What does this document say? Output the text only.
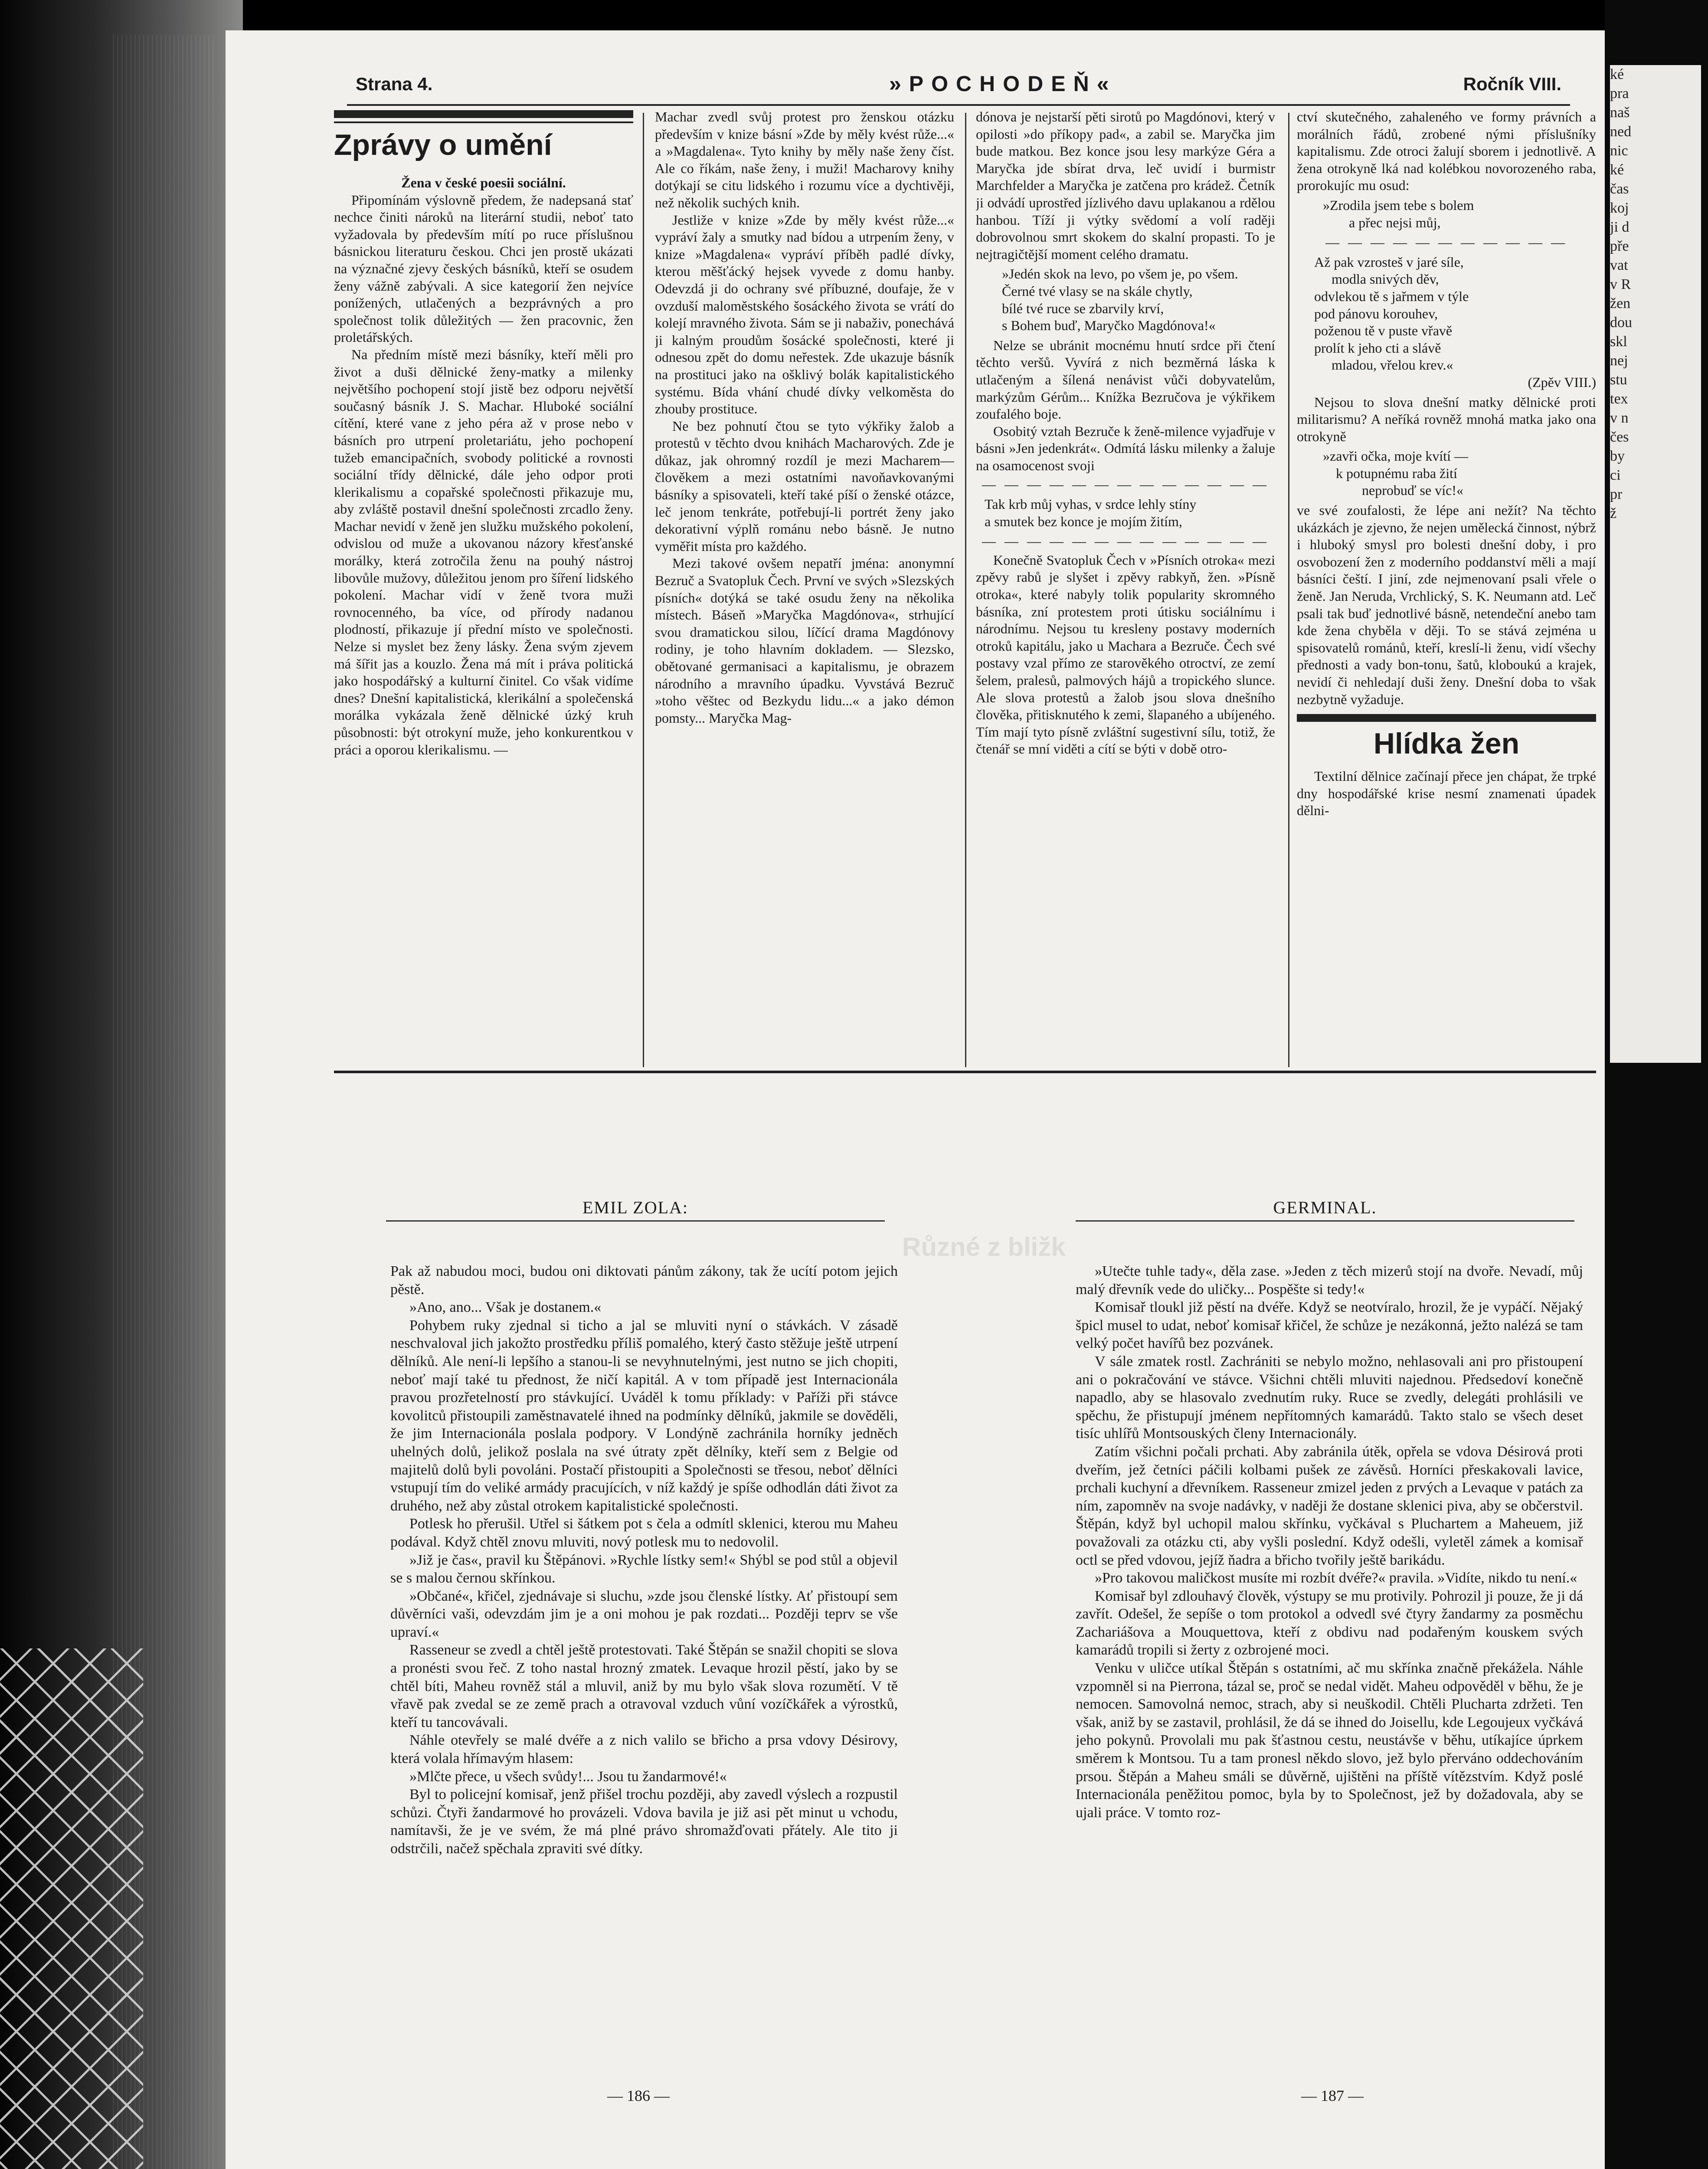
ké

pra

naš

ned

nic

ké

čas

koj

ji d

pře

vat

v R

žen

dou

skl

nej

stu

tex

v n

čes

by

ci

pr

ž

Strana 4.	»POCHODEŇ«	Ročník VIII.
Zprávy o umění

Žena v české poesii sociální.

Připomínám výslovně předem, že nadepsaná stať nechce činiti nároků na literární studii, neboť tato vyžadovala by především mítí po ruce příslušnou básnickou literaturu českou. Chci jen prostě ukázati na význačné zjevy českých básníků, kteří se osudem ženy vážně zabývali. A sice kategorií žen nejvíce ponížených, utlačených a bezprávných a pro společnost tolik důležitých — žen pracovnic, žen proletářských.

Na předním místě mezi básníky, kteří měli pro život a duši dělnické ženy-matky a milenky největšího pochopení stojí jistě bez odporu největší současný básník J. S. Machar. Hluboké sociální cítění, které vane z jeho péra až v prose nebo v básních pro utrpení proletariátu, jeho pochopení tužeb emancipačních, svobody politické a rovnosti sociální třídy dělnické, dále jeho odpor proti klerikalismu a copařské společnosti přikazuje mu, aby zvláště postavil dnešní společnosti zrcadlo ženy. Machar nevidí v ženě jen služku mužského pokolení, odvislou od muže a ukovanou názory křesťanské morálky, která zotročila ženu na pouhý nástroj libovůle mužovy, důležitou jenom pro šíření lidského pokolení. Machar vidí v ženě tvora muži rovnocenného, ba více, od přírody nadanou plodností, přikazuje jí přední místo ve společnosti. Nelze si myslet bez ženy lásky. Žena svým zjevem má šířit jas a kouzlo. Žena má mít i práva politická jako hospodářský a kulturní činitel. Co však vidíme dnes? Dnešní kapitalistická, klerikální a společenská morálka vykázala ženě dělnické úzký kruh působnosti: být otrokyní muže, jeho konkurentkou v práci a oporou klerikalismu. —

Machar zvedl svůj protest pro ženskou otázku především v knize básní »Zde by měly kvést růže...« a »Magdalena«. Tyto knihy by měly naše ženy číst. Ale co říkám, naše ženy, i muži! Macharovy knihy dotýkají se citu lidského i rozumu více a dychtivěji, než několik suchých knih.

Jestliže v knize »Zde by měly kvést růže...« vypráví žaly a smutky nad bídou a utrpením ženy, v knize »Magdalena« vypráví příběh padlé dívky, kterou měšťácký hejsek vyvede z domu hanby. Odevzdá ji do ochrany své příbuzné, doufaje, že v ovzduší maloměstského šosáckého života se vrátí do kolejí mravného života. Sám se ji nabaživ, ponechává ji kalným proudům šosácké společnosti, které ji odnesou zpět do domu neřestek. Zde ukazuje básník na prostituci jako na ošklivý bolák kapitalistického systému. Bída vhání chudé dívky velkoměsta do zhouby prostituce.

Ne bez pohnutí čtou se tyto výkřiky žalob a protestů v těchto dvou knihách Macharových. Zde je důkaz, jak ohromný rozdíl je mezi Macharem—člověkem a mezi ostatními navoňavkovanými básníky a spisovateli, kteří také píší o ženské otázce, leč jenom tenkráte, potřebují-li portrét ženy jako dekorativní výplň románu nebo básně. Je nutno vyměřit místa pro každého.

Mezi takové ovšem nepatří jména: anonymní Bezruč a Svatopluk Čech. První ve svých »Slezských písních« dotýká se také osudu ženy na několika místech. Báseň »Maryčka Magdónova«, strhující svou dramatickou silou, líčící drama Magdónovy rodiny, je toho hlavním dokladem. — Slezsko, obětované germanisaci a kapitalismu, je obrazem národního a mravního úpadku. Vyvstává Bezruč »toho věštec od Bezkydu lidu...« a jako démon pomsty... Maryčka Mag-

dónova je nejstarší pěti sirotů po Magdónovi, který v opilosti »do příkopy pad«, a zabil se. Maryčka jim bude matkou. Bez konce jsou lesy markýze Géra a Maryčka jde sbírat drva, leč uvidí i burmistr Marchfelder a Maryčka je zatčena pro krádež. Četník ji odvádí uprostřed jízlivého davu uplakanou a rdělou hanbou. Tíží ji výtky svědomí a volí raději dobrovolnou smrt skokem do skalní propasti. To je nejtragičtější moment celého dramatu.

»Jedén skok na levo, po všem je, po všem.
Černé tvé vlasy se na skále chytly,
bílé tvé ruce se zbarvily krví,
s Bohem buď, Maryčko Magdónova!«

Nelze se ubránit mocnému hnutí srdce při čtení těchto veršů. Vyvírá z nich bezměrná láska k utlačeným a šílená nenávist vůči dobyvatelům, markýzům Gérům... Knížka Bezručova je výkřikem zoufalého boje.

Osobitý vztah Bezruče k ženě-milence vyjadřuje v básni »Jen jedenkrát«. Odmítá lásku milenky a žaluje na osamocenost svoji

— — — — — — — — — — — — —
Tak krb můj vyhas, v srdce lehly stíny
a smutek bez konce je mojím žitím,
— — — — — — — — — — — — —

Konečně Svatopluk Čech v »Písních otroka« mezi zpěvy rabů je slyšet i zpěvy rabkyň, žen. »Písně otroka«, které nabyly tolik popularity skromného básníka, zní protestem proti útisku sociálnímu i národnímu. Nejsou tu kresleny postavy moderních otroků kapitálu, jako u Machara a Bezruče. Čech své postavy vzal přímo ze starověkého otroctví, ze zemí šelem, pralesů, palmových hájů a tropického slunce. Ale slova protestů a žalob jsou slova dnešního člověka, přitisknutého k zemi, šlapaného a ubíjeného. Tím mají tyto písně zvláštní sugestivní sílu, totiž, že čtenář se mní viděti a cítí se býti v době otro-

ctví skutečného, zahaleného ve formy právních a morálních řádů, zrobené nými příslušníky kapitalismu. Zde otroci žalují sborem i jednotlivě. A žena otrokyně lká nad kolébkou novorozeného raba, prorokujíc mu osud:

»Zrodila jsem tebe s bolem
a přec nejsi můj,
— — — — — — — — — — —
Až pak vzrosteš v jaré síle,
modla snivých děv,
odvlekou tě s jařmem v týle
pod pánovu korouhev,
poženou tě v puste vřavě
prolít k jeho cti a slávě
mladou, vřelou krev.«
(Zpěv VIII.)

Nejsou to slova dnešní matky dělnické proti militarismu? A neříká rovněž mnohá matka jako ona otrokyně

»zavři očka, moje kvítí —
k potupnému raba žití
neprobuď se víc!«

ve své zoufalosti, že lépe ani nežít? Na těchto ukázkách je zjevno, že nejen umělecká činnost, nýbrž i hluboký smysl pro bolesti dnešní doby, i pro osvobození žen z moderního poddanství měli a mají básníci čeští. I jiní, zde nejmenovaní psali vřele o ženě. Jan Neruda, Vrchlický, S. K. Neumann atd. Leč psali tak buď jednotlivé básně, netendeční anebo tam kde žena chyběla v ději. To se stává zejména u spisovatelů románů, kteří, kreslí-li ženu, vidí všechy přednosti a vady bon-tonu, šatů, kloboukú a krajek, nevidí či nehledají duši ženy. Dnešní doba to však nezbytně vyžaduje.

Hlídka žen

Textilní dělnice začínají přece jen chápat, že trpké dny hospodářské krise nesmí znamenati úpadek dělni-

Různé z bližk
EMIL ZOLA:	GERMINAL.

Pak až nabudou moci, budou oni diktovati pánům zákony, tak že ucítí potom jejich pěstě.

»Ano, ano... Však je dostanem.«

Pohybem ruky zjednal si ticho a jal se mluviti nyní o stávkách. V zásadě neschvaloval jich jakožto prostředku příliš pomalého, který často stěžuje ještě utrpení dělníků. Ale není-li lepšího a stanou-li se nevyhnutelnými, jest nutno se jich chopiti, neboť mají také tu přednost, že ničí kapitál. A v tom případě jest Internacionála pravou prozřetelností pro stávkující. Uváděl k tomu příklady: v Paříži při stávce kovolitců přistoupili zaměstnavatelé ihned na podmínky dělníků, jakmile se dověděli, že jim Internacionála poslala podpory. V Londýně zachránila horníky jedněch uhelných dolů, jelikož poslala na své útraty zpět dělníky, kteří sem z Belgie od majitelů dolů byli povoláni. Postačí přistoupiti a Společnosti se třesou, neboť dělníci vstupují tím do veliké armády pracujících, v níž každý je spíše odhodlán dáti život za druhého, než aby zůstal otrokem kapitalistické společnosti.

Potlesk ho přerušil. Utřel si šátkem pot s čela a odmítl sklenici, kterou mu Maheu podával. Když chtěl znovu mluviti, nový potlesk mu to nedovolil.

»Již je čas«, pravil ku Štěpánovi. »Rychle lístky sem!« Shýbl se pod stůl a objevil se s malou černou skřínkou.

»Občané«, křičel, zjednávaje si sluchu, »zde jsou členské lístky. Ať přistoupí sem důvěrníci vaši, odevzdám jim je a oni mohou je pak rozdati... Později teprv se vše upraví.«

Rasseneur se zvedl a chtěl ještě protestovati. Také Štěpán se snažil chopiti se slova a pronésti svou řeč. Z toho nastal hrozný zmatek. Levaque hrozil pěstí, jako by se chtěl bíti, Maheu rovněž stál a mluvil, aniž by mu bylo však slova rozumětí. V tě vřavě pak zvedal se ze země prach a otravoval vzduch vůní vozíčkářek a výrostků, kteří tu tancovávali.

Náhle otevřely se malé dvéře a z nich valilo se břicho a prsa vdovy Désirovy, která volala hřímavým hlasem:

»Mlčte přece, u všech svůdy!... Jsou tu žandarmové!«

Byl to policejní komisař, jenž přišel trochu později, aby zavedl výslech a rozpustil schůzi. Čtyři žandarmové ho provázeli. Vdova bavila je již asi pět minut u vchodu, namítavši, že je ve svém, že má plné právo shromažďovati přátely. Ale tito ji odstrčili, načež spěchala zpraviti své dítky.

»Utečte tuhle tady«, děla zase. »Jeden z těch mizerů stojí na dvoře. Nevadí, můj malý dřevník vede do uličky... Pospěšte si tedy!«

Komisař tloukl již pěstí na dvéře. Když se neotvíralo, hrozil, že je vypáčí. Nějaký špicl musel to udat, neboť komisař křičel, že schůze je nezákonná, ježto nalézá se tam velký počet havířů bez pozvánek.

V sále zmatek rostl. Zachrániti se nebylo možno, nehlasovali ani pro přistoupení ani o pokračování ve stávce. Všichni chtěli mluviti najednou. Předsedoví konečně napadlo, aby se hlasovalo zvednutím ruky. Ruce se zvedly, delegáti prohlásili ve spěchu, že přistupují jménem nepřítomných kamarádů. Takto stalo se všech deset tisíc uhlířů Montsouských členy Internacionály.

Zatím všichni počali prchati. Aby zabránila útěk, opřela se vdova Désirová proti dveřím, jež četníci páčili kolbami pušek ze závěsů. Horníci přeskakovali lavice, prchali kuchyní a dřevníkem. Rasseneur zmizel jeden z prvých a Levaque v patách za ním, zapomněv na svoje nadávky, v naději že dostane sklenici piva, aby se občerstvil. Štěpán, když byl uchopil malou skřínku, vyčkával s Pluchartem a Maheuem, již považovali za otázku cti, aby vyšli poslední. Když odešli, vyletěl zámek a komisař octl se před vdovou, jejíž ňadra a břicho tvořily ještě barikádu.

»Pro takovou maličkost musíte mi rozbít dvéře?« pravila. »Vidíte, nikdo tu není.«

Komisař byl zdlouhavý člověk, výstupy se mu protivily. Pohrozil ji pouze, že ji dá zavřít. Odešel, že sepíše o tom protokol a odvedl své čtyry žandarmy za posměchu Zachariášova a Mouquettova, kteří z obdivu nad podařeným kouskem svých kamarádů tropili si žerty z ozbrojené moci.

Venku v uličce utíkal Štěpán s ostatními, ač mu skřínka značně překážela. Náhle vzpomněl si na Pierrona, tázal se, proč se nedal vidět. Maheu odpověděl v běhu, že je nemocen. Samovolná nemoc, strach, aby si neuškodil. Chtěli Plucharta zdržeti. Ten však, aniž by se zastavil, prohlásil, že dá se ihned do Joisellu, kde Legoujeux vyčkává jeho pokynů. Provolali mu pak šťastnou cestu, neustávše v běhu, utíkajíce úprkem směrem k Montsou. Tu a tam pronesl někdo slovo, jež bylo přerváno oddechováním prsou. Štěpán a Maheu smáli se důvěrně, ujištěni na příště vítězstvím. Když poslé Internacionála peněžitou pomoc, byla by to Společnost, jež by dožadovala, aby se ujali práce. V tomto roz-

— 186 —	— 187 —
